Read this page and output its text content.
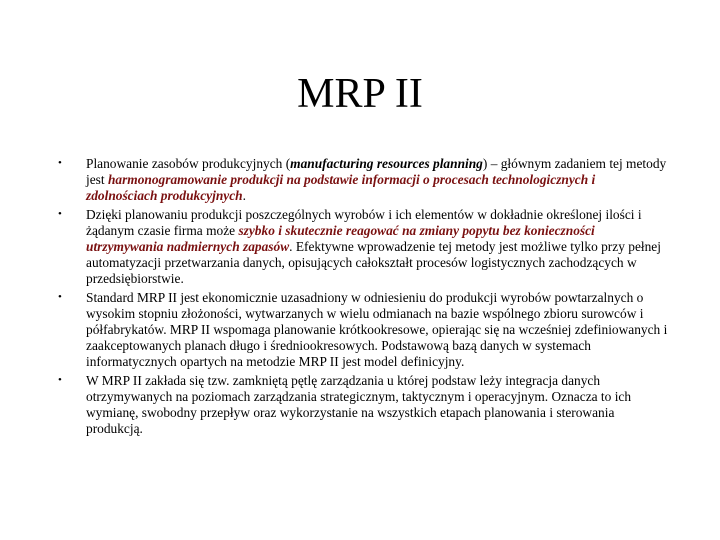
MRP II
• Planowanie zasobów produkcyjnych (manufacturing resources planning) – głównym zadaniem tej metody jest harmonogramowanie produkcji na podstawie informacji o procesach technologicznych i zdolnościach produkcyjnych.
• Dzięki planowaniu produkcji poszczególnych wyrobów i ich elementów w dokładnie określonej ilości i żądanym czasie firma może szybko i skutecznie reagować na zmiany popytu bez konieczności utrzymywania nadmiernych zapasów. Efektywne wprowadzenie tej metody jest możliwe tylko przy pełnej automatyzacji przetwarzania danych, opisujących całokształt procesów logistycznych zachodzących w przedsiębiorstwie.
• Standard MRP II jest ekonomicznie uzasadniony w odniesieniu do produkcji wyrobów powtarzalnych o wysokim stopniu złożoności, wytwarzanych w wielu odmianach na bazie wspólnego zbioru surowców i półfabrykatów. MRP II wspomaga planowanie krótkookresowe, opierając się na wcześniej zdefiniowanych i zaakceptowanych planach długo i średniookresowych. Podstawową bazą danych w systemach informatycznych opartych na metodzie MRP II jest model definicyjny.
• W MRP II zakłada się tzw. zamkniętą pętlę zarządzania u której podstaw leży integracja danych otrzymywanych na poziomach zarządzania strategicznym, taktycznym i operacyjnym. Oznacza to ich wymianę, swobodny przepływ oraz wykorzystanie na wszystkich etapach planowania i sterowania produkcją.
